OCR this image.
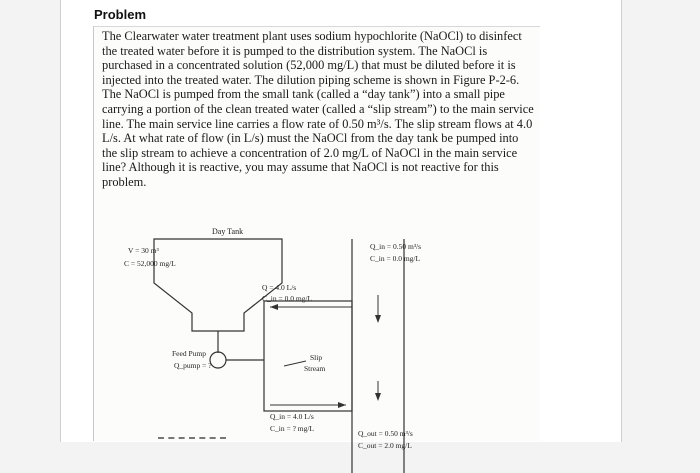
Problem

The Clearwater water treatment plant uses sodium hypochlorite (NaOCl) to disinfect the treated water before it is pumped to the distribution system. The NaOCl is purchased in a concentrated solution (52,000 mg/L) that must be diluted before it is injected into the treated water. The dilution piping scheme is shown in Figure P-2-6. The NaOCl is pumped from the small tank (called a “day tank”) into a small pipe carrying a portion of the clean treated water (called a “slip stream”) to the main service line. The main service line carries a flow rate of 0.50 m³/s. The slip stream flows at 4.0 L/s. At what rate of flow (in L/s) must the NaOCl from the day tank be pumped into the slip stream to achieve a concentration of 2.0 mg/L of NaOCl in the main service line? Although it is reactive, you may assume that NaOCl is not reactive for this problem.

Day Tank
V = 30 m³
C = 52,000 mg/L
Feed Pump
Q_pump = ?
Slip
Stream
Q = 4.0 L/s
C_in = 0.0 mg/L
Q_in = 4.0 L/s
C_in = ? mg/L
Q_in = 0.50 m³/s
C_in = 0.0 mg/L
Q_out = 0.50 m³/s
C_out = 2.0 mg/L
